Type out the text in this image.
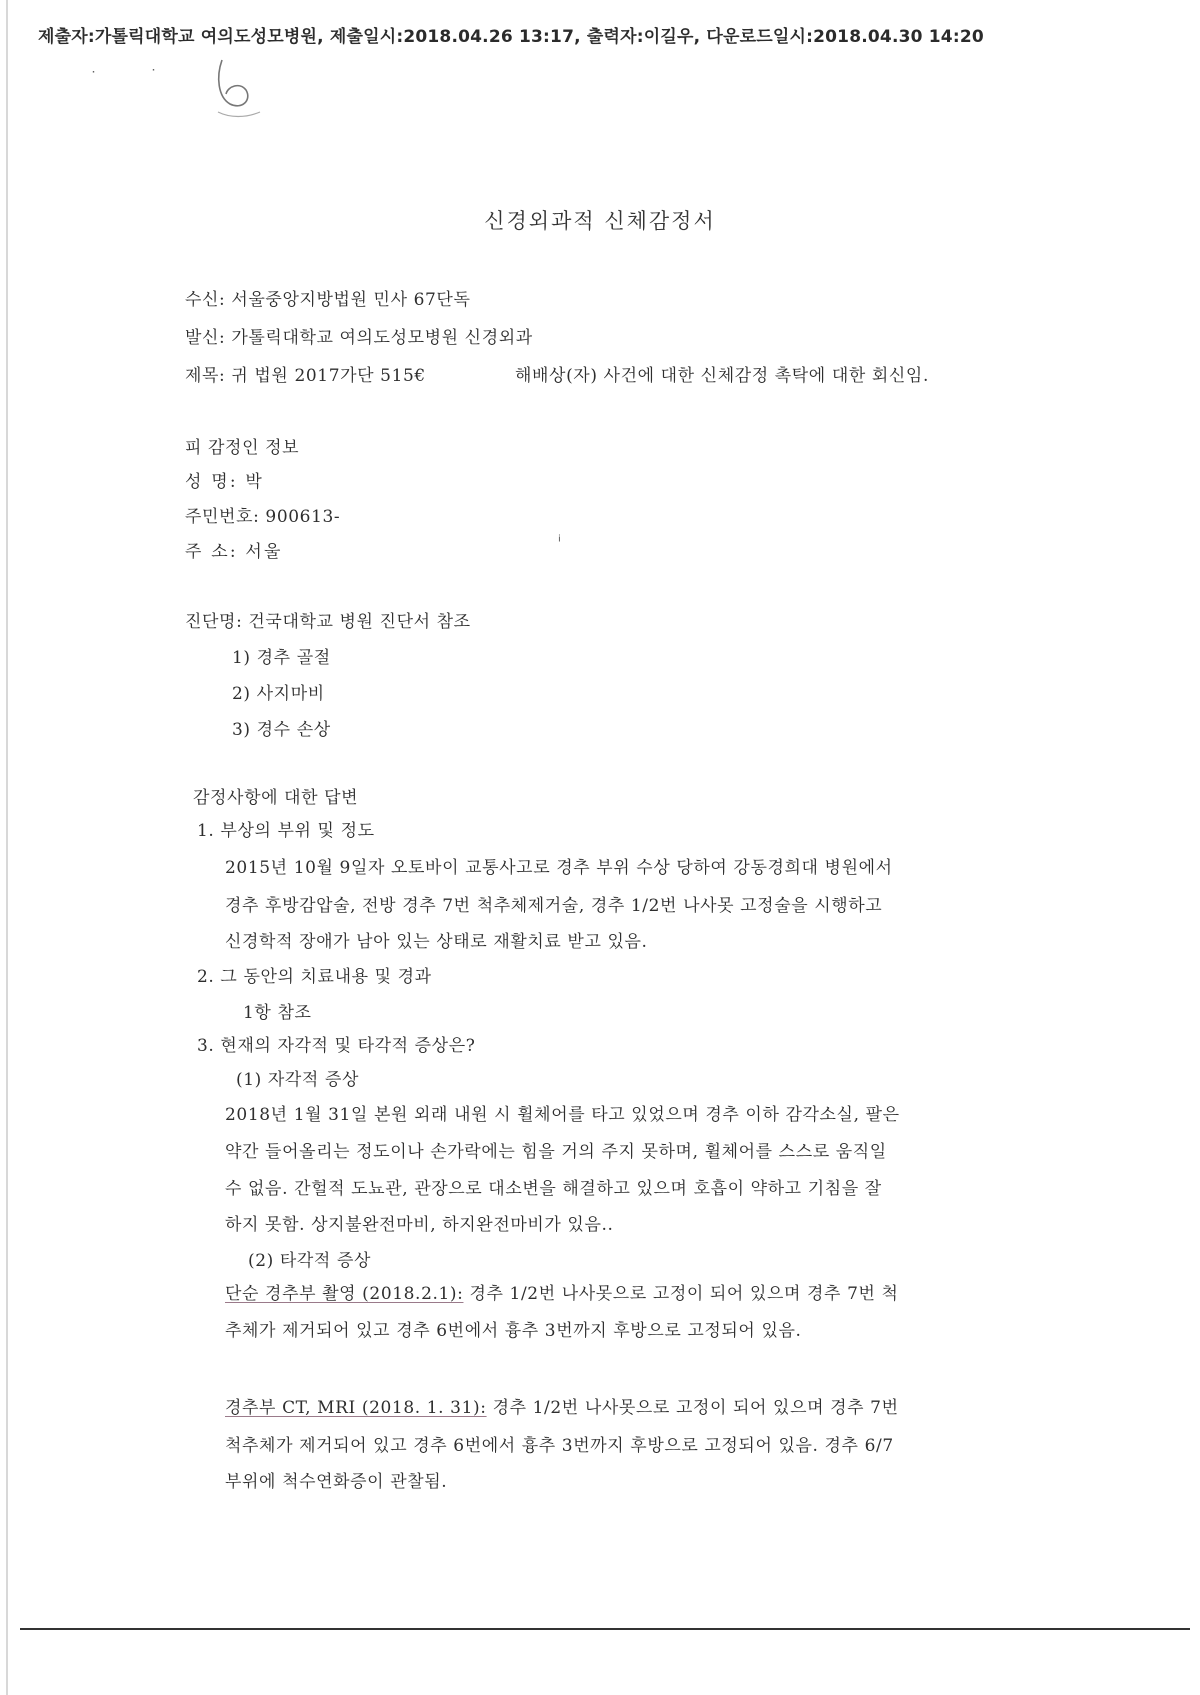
제출자:가톨릭대학교 여의도성모병원, 제출일시:2018.04.26 13:17, 출력자:이길우, 다운로드일시:2018.04.30 14:20
˙	˙
신경외과적 신체감정서
수신: 서울중앙지방법원 민사 67단독
발신: 가톨릭대학교 여의도성모병원 신경외과
제목: 귀 법원 2017가단 515€	해배상(자) 사건에 대한 신체감정 촉탁에 대한 회신임.
피 감정인 정보
성 명: 박
주민번호: 900613-
주 소: 서울
ⁱ
진단명: 건국대학교 병원 진단서 참조
1) 경추 골절
2) 사지마비
3) 경수 손상
감정사항에 대한 답변
1. 부상의 부위 및 정도
2015년 10월 9일자 오토바이 교통사고로 경추 부위 수상 당하여 강동경희대 병원에서
경추 후방감압술, 전방 경추 7번 척추체제거술, 경추 1/2번 나사못 고정술을 시행하고
신경학적 장애가 남아 있는 상태로 재활치료 받고 있음.
2. 그 동안의 치료내용 및 경과
1항 참조
3. 현재의 자각적 및 타각적 증상은?
(1) 자각적 증상
2018년 1월 31일 본원 외래 내원 시 휠체어를 타고 있었으며 경추 이하 감각소실, 팔은
약간 들어올리는 정도이나 손가락에는 힘을 거의 주지 못하며, 휠체어를 스스로 움직일
수 없음. 간헐적 도뇨관, 관장으로 대소변을 해결하고 있으며 호흡이 약하고 기침을 잘
하지 못함. 상지불완전마비, 하지완전마비가 있음..
(2) 타각적 증상
단순 경추부 촬영 (2018.2.1): 경추 1/2번 나사못으로 고정이 되어 있으며 경추 7번 척
추체가 제거되어 있고 경추 6번에서 흉추 3번까지 후방으로 고정되어 있음.
경추부 CT, MRI (2018. 1. 31): 경추 1/2번 나사못으로 고정이 되어 있으며 경추 7번
척추체가 제거되어 있고 경추 6번에서 흉추 3번까지 후방으로 고정되어 있음. 경추 6/7
부위에 척수연화증이 관찰됨.
